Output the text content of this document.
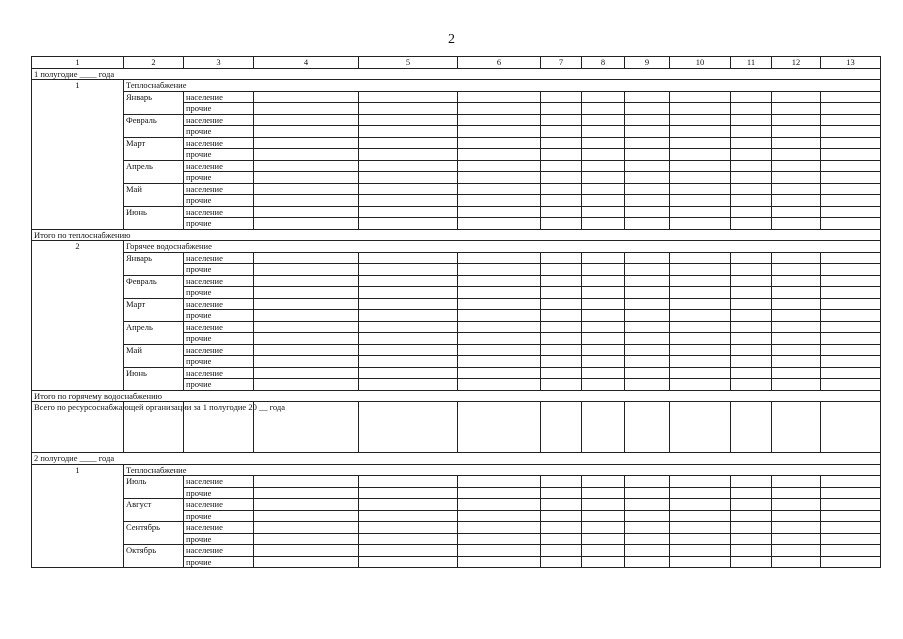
2
1	2	3	4	5	6	7	8	9	10	11	12	13
1 полугодие ____ года												
1	Теплоснабжение											
	Январь	население										
		прочие										
	Февраль	население										
		прочие										
	Март	население										
		прочие										
	Апрель	население										
		прочие										
	Май	население										
		прочие										
	Июнь	население										
		прочие										
Итого по теплоснабжению												
2	Горячее водоснабжение											
	Январь	население										
		прочие										
	Февраль	население										
		прочие										
	Март	население										
		прочие										
	Апрель	население										
		прочие										
	Май	население										
		прочие										
	Июнь	население										
		прочие										
Итого по горячему водоснабжению												
Всего по ресурсоснабжающей организации за 1 полугодие 20 __ года												
2 полугодие ____ года												
1	Теплоснабжение											
	Июль	население										
		прочие										
	Август	население										
		прочие										
	Сентябрь	население										
		прочие										
	Октябрь	население										
		прочие										
